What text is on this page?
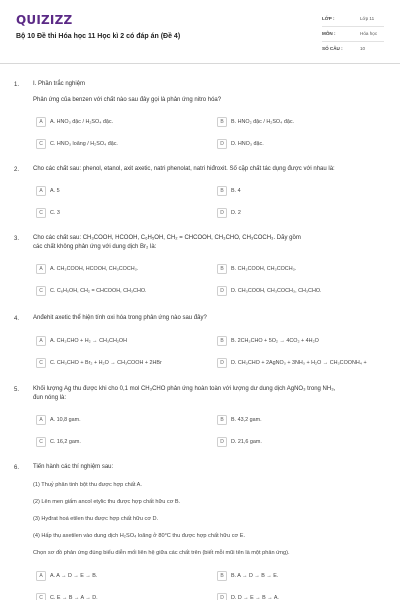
QUIZIZZ
Bộ 10 Đề thi Hóa học 11 Học kì 2 có đáp án (Đề 4)
LỚP :	Lớp 11
MÔN :	Hóa học
SỐ CÂU :	10
1. I. Phần trắc nghiệm
Phản ứng của benzen với chất nào sau đây gọi là phản ứng nitro hóa?
A	A. HNO₃ đặc / H₂SO₄ đặc.	B	B. HNO₂ đặc / H₂SO₄ đặc.
C	C. HNO₃ loãng / H₂SO₄ đặc.	D	D. HNO₃ đặc.
2. Cho các chất sau: phenol, etanol, axit axetic, natri phenolat, natri hiđroxit. Số cặp chất tác dụng được với nhau là:
A	A. 5	B	B. 4
C	C. 3	D	D. 2
3. Cho các chất sau: CH₃COOH, HCOOH, C₆H₅OH, CH₂ = CHCOOH, CH₃CHO, CH₃COCH₃. Dãy gồm
các chất không phản ứng với dung dịch Br₂ là:
A	A. CH₃COOH, HCOOH, CH₃COCH₃.	B	B. CH₃COOH, CH₃COCH₃.
C	C. C₆H₅OH, CH₂ = CHCOOH, CH₃CHO.	D	D. CH₃COOH, CH₃COCH₃, CH₃CHO.
4. Anđehit axetic thể hiện tính oxi hóa trong phản ứng nào sau đây?
A	A. CH₃CHO + H₂ → CH₃CH₂OH	B	B. 2CH₃CHO + 5O₂ → 4CO₂ + 4H₂O
C	C. CH₃CHO + Br₂ + H₂O → CH₃COOH + 2HBr	D	D. CH₃CHO + 2AgNO₃ + 3NH₃ + H₂O → CH₃COONH₄ +
5. Khối lượng Ag thu được khi cho 0,1 mol CH₃CHO phản ứng hoàn toàn với lượng dư dung dịch AgNO₃ trong NH₃,
đun nóng là:
A	A. 10,8 gam.	B	B. 43,2 gam.
C	C. 16,2 gam.	D	D. 21,6 gam.
6. Tiến hành các thí nghiệm sau:
(1) Thuỷ phân tinh bột thu được hợp chất A.
(2) Lên men giấm ancol etylic thu được hợp chất hữu cơ B.
(3) Hyđrat hoá etilen thu được hợp chất hữu cơ D.
(4) Hấp thụ axetilen vào dung dịch H₂SO₄ loãng ở 80°C thu được hợp chất hữu cơ E.
Chọn sơ đồ phản ứng đúng biểu diễn mối liên hệ giữa các chất trên (biết mỗi mũi tên là một phản ứng).
A	A. A → D → E → B.	B	B. A → D → B → E.
C	C. E → B → A → D.	D	D. D → E → B → A.
